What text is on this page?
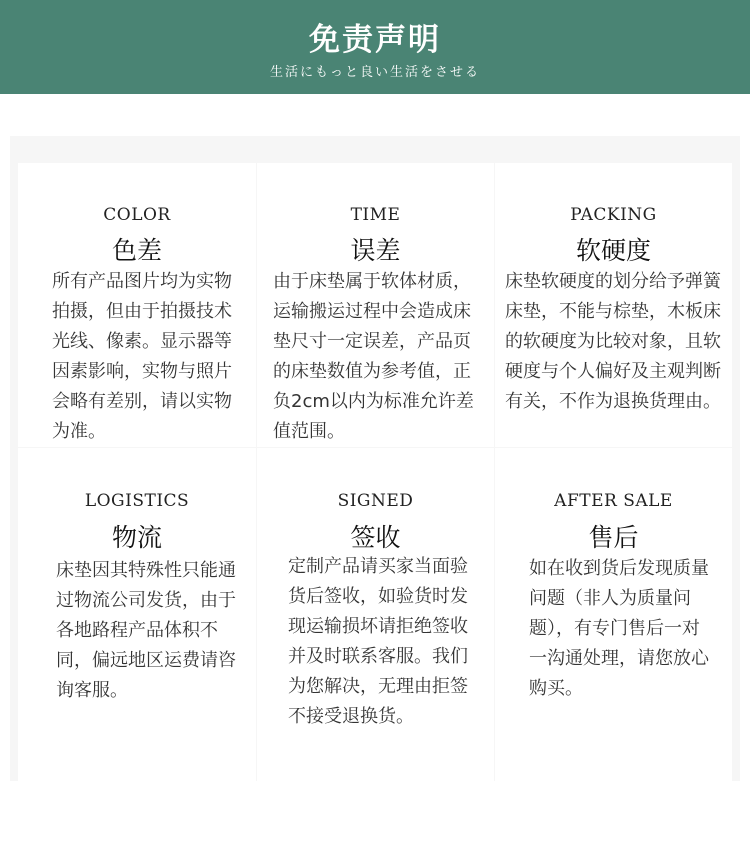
免责声明
生活にもっと良い生活をさせる
COLOR
色差
所有产品图片均为实物拍摄，但由于拍摄技术光线、像素。显示器等因素影响，实物与照片会略有差别，请以实物为准。
TIME
误差
由于床垫属于软体材质，运输搬运过程中会造成床垫尺寸一定误差，产品页的床垫数值为参考值，正负2cm以内为标准允许差值范围。
PACKING
软硬度
床垫软硬度的划分给予弹簧床垫，不能与棕垫，木板床的软硬度为比较对象，且软硬度与个人偏好及主观判断有关，不作为退换货理由。
LOGISTICS
物流
床垫因其特殊性只能通过物流公司发货，由于各地路程产品体积不同，偏远地区运费请咨询客服。
SIGNED
签收
定制产品请买家当面验货后签收，如验货时发现运输损坏请拒绝签收并及时联系客服。我们为您解决，无理由拒签不接受退换货。
AFTER SALE
售后
如在收到货后发现质量问题（非人为质量问题），有专门售后一对一沟通处理，请您放心购买。
